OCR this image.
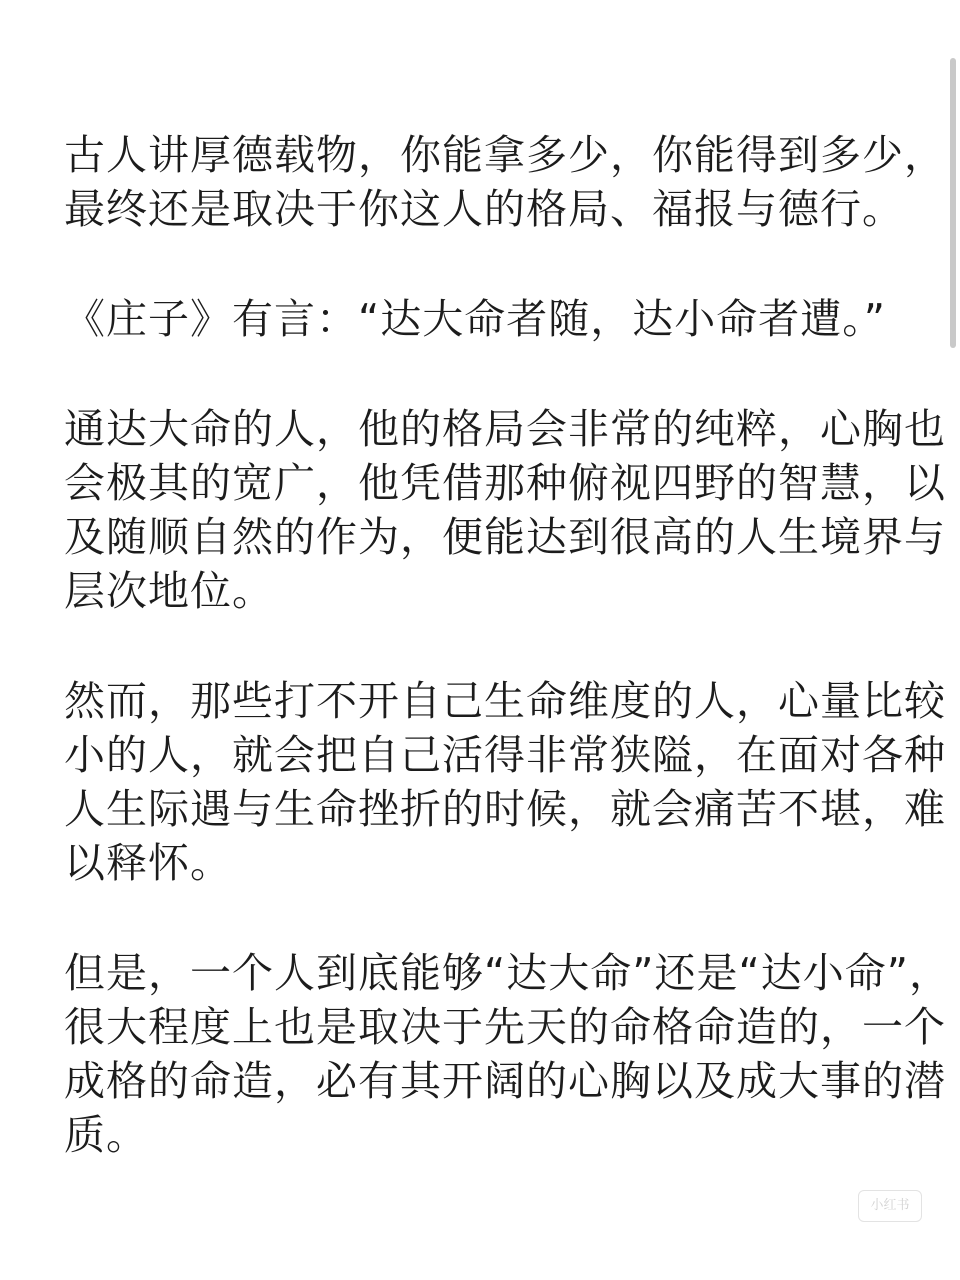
古人讲厚德载物，你能拿多少，你能得到多少，
最终还是取决于你这人的格局、福报与德行。

《庄子》有言：“达大命者随，达小命者遭。”

通达大命的人，他的格局会非常的纯粹，心胸也
会极其的宽广，他凭借那种俯视四野的智慧，以
及随顺自然的作为，便能达到很高的人生境界与
层次地位。

然而，那些打不开自己生命维度的人，心量比较
小的人，就会把自己活得非常狭隘，在面对各种
人生际遇与生命挫折的时候，就会痛苦不堪，难
以释怀。

但是，一个人到底能够“达大命”还是“达小命”，
很大程度上也是取决于先天的命格命造的，一个
成格的命造，必有其开阔的心胸以及成大事的潜
质。

小红书
